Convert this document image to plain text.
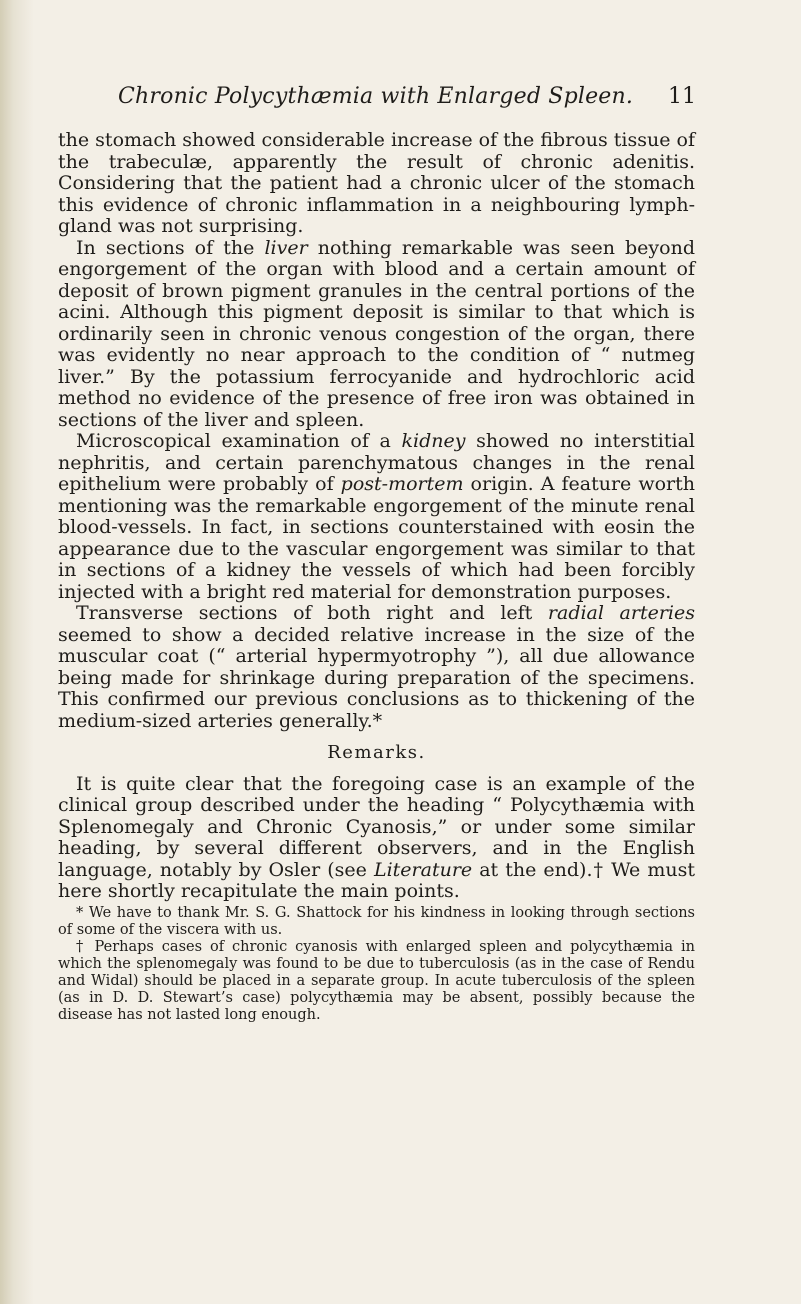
Chronic Polycythæmia with Enlarged Spleen. 11

the stomach showed considerable increase of the fibrous tissue of the trabeculæ, apparently the result of chronic adenitis. Considering that the patient had a chronic ulcer of the stomach this evidence of chronic inflammation in a neighbouring lymph-gland was not surprising.

In sections of the liver nothing remarkable was seen beyond engorgement of the organ with blood and a certain amount of deposit of brown pigment granules in the central portions of the acini. Although this pigment deposit is similar to that which is ordinarily seen in chronic venous congestion of the organ, there was evidently no near approach to the condition of “ nutmeg liver.” By the potassium ferrocyanide and hydrochloric acid method no evidence of the presence of free iron was obtained in sections of the liver and spleen.

Microscopical examination of a kidney showed no interstitial nephritis, and certain parenchymatous changes in the renal epithelium were probably of post-mortem origin. A feature worth mentioning was the remarkable engorgement of the minute renal blood-vessels. In fact, in sections counterstained with eosin the appearance due to the vascular engorgement was similar to that in sections of a kidney the vessels of which had been forcibly injected with a bright red material for demonstration purposes.

Transverse sections of both right and left radial arteries seemed to show a decided relative increase in the size of the muscular coat (“ arterial hypermyotrophy ”), all due allowance being made for shrinkage during preparation of the specimens. This confirmed our previous conclusions as to thickening of the medium-sized arteries generally.*

Remarks.

It is quite clear that the foregoing case is an example of the clinical group described under the heading “ Polycythæmia with Splenomegaly and Chronic Cyanosis,” or under some similar heading, by several different observers, and in the English language, notably by Osler (see Literature at the end).† We must here shortly recapitulate the main points.

* We have to thank Mr. S. G. Shattock for his kindness in looking through sections of some of the viscera with us.

† Perhaps cases of chronic cyanosis with enlarged spleen and polycythæmia in which the splenomegaly was found to be due to tuberculosis (as in the case of Rendu and Widal) should be placed in a separate group. In acute tuberculosis of the spleen (as in D. D. Stewart’s case) polycythæmia may be absent, possibly because the disease has not lasted long enough.
